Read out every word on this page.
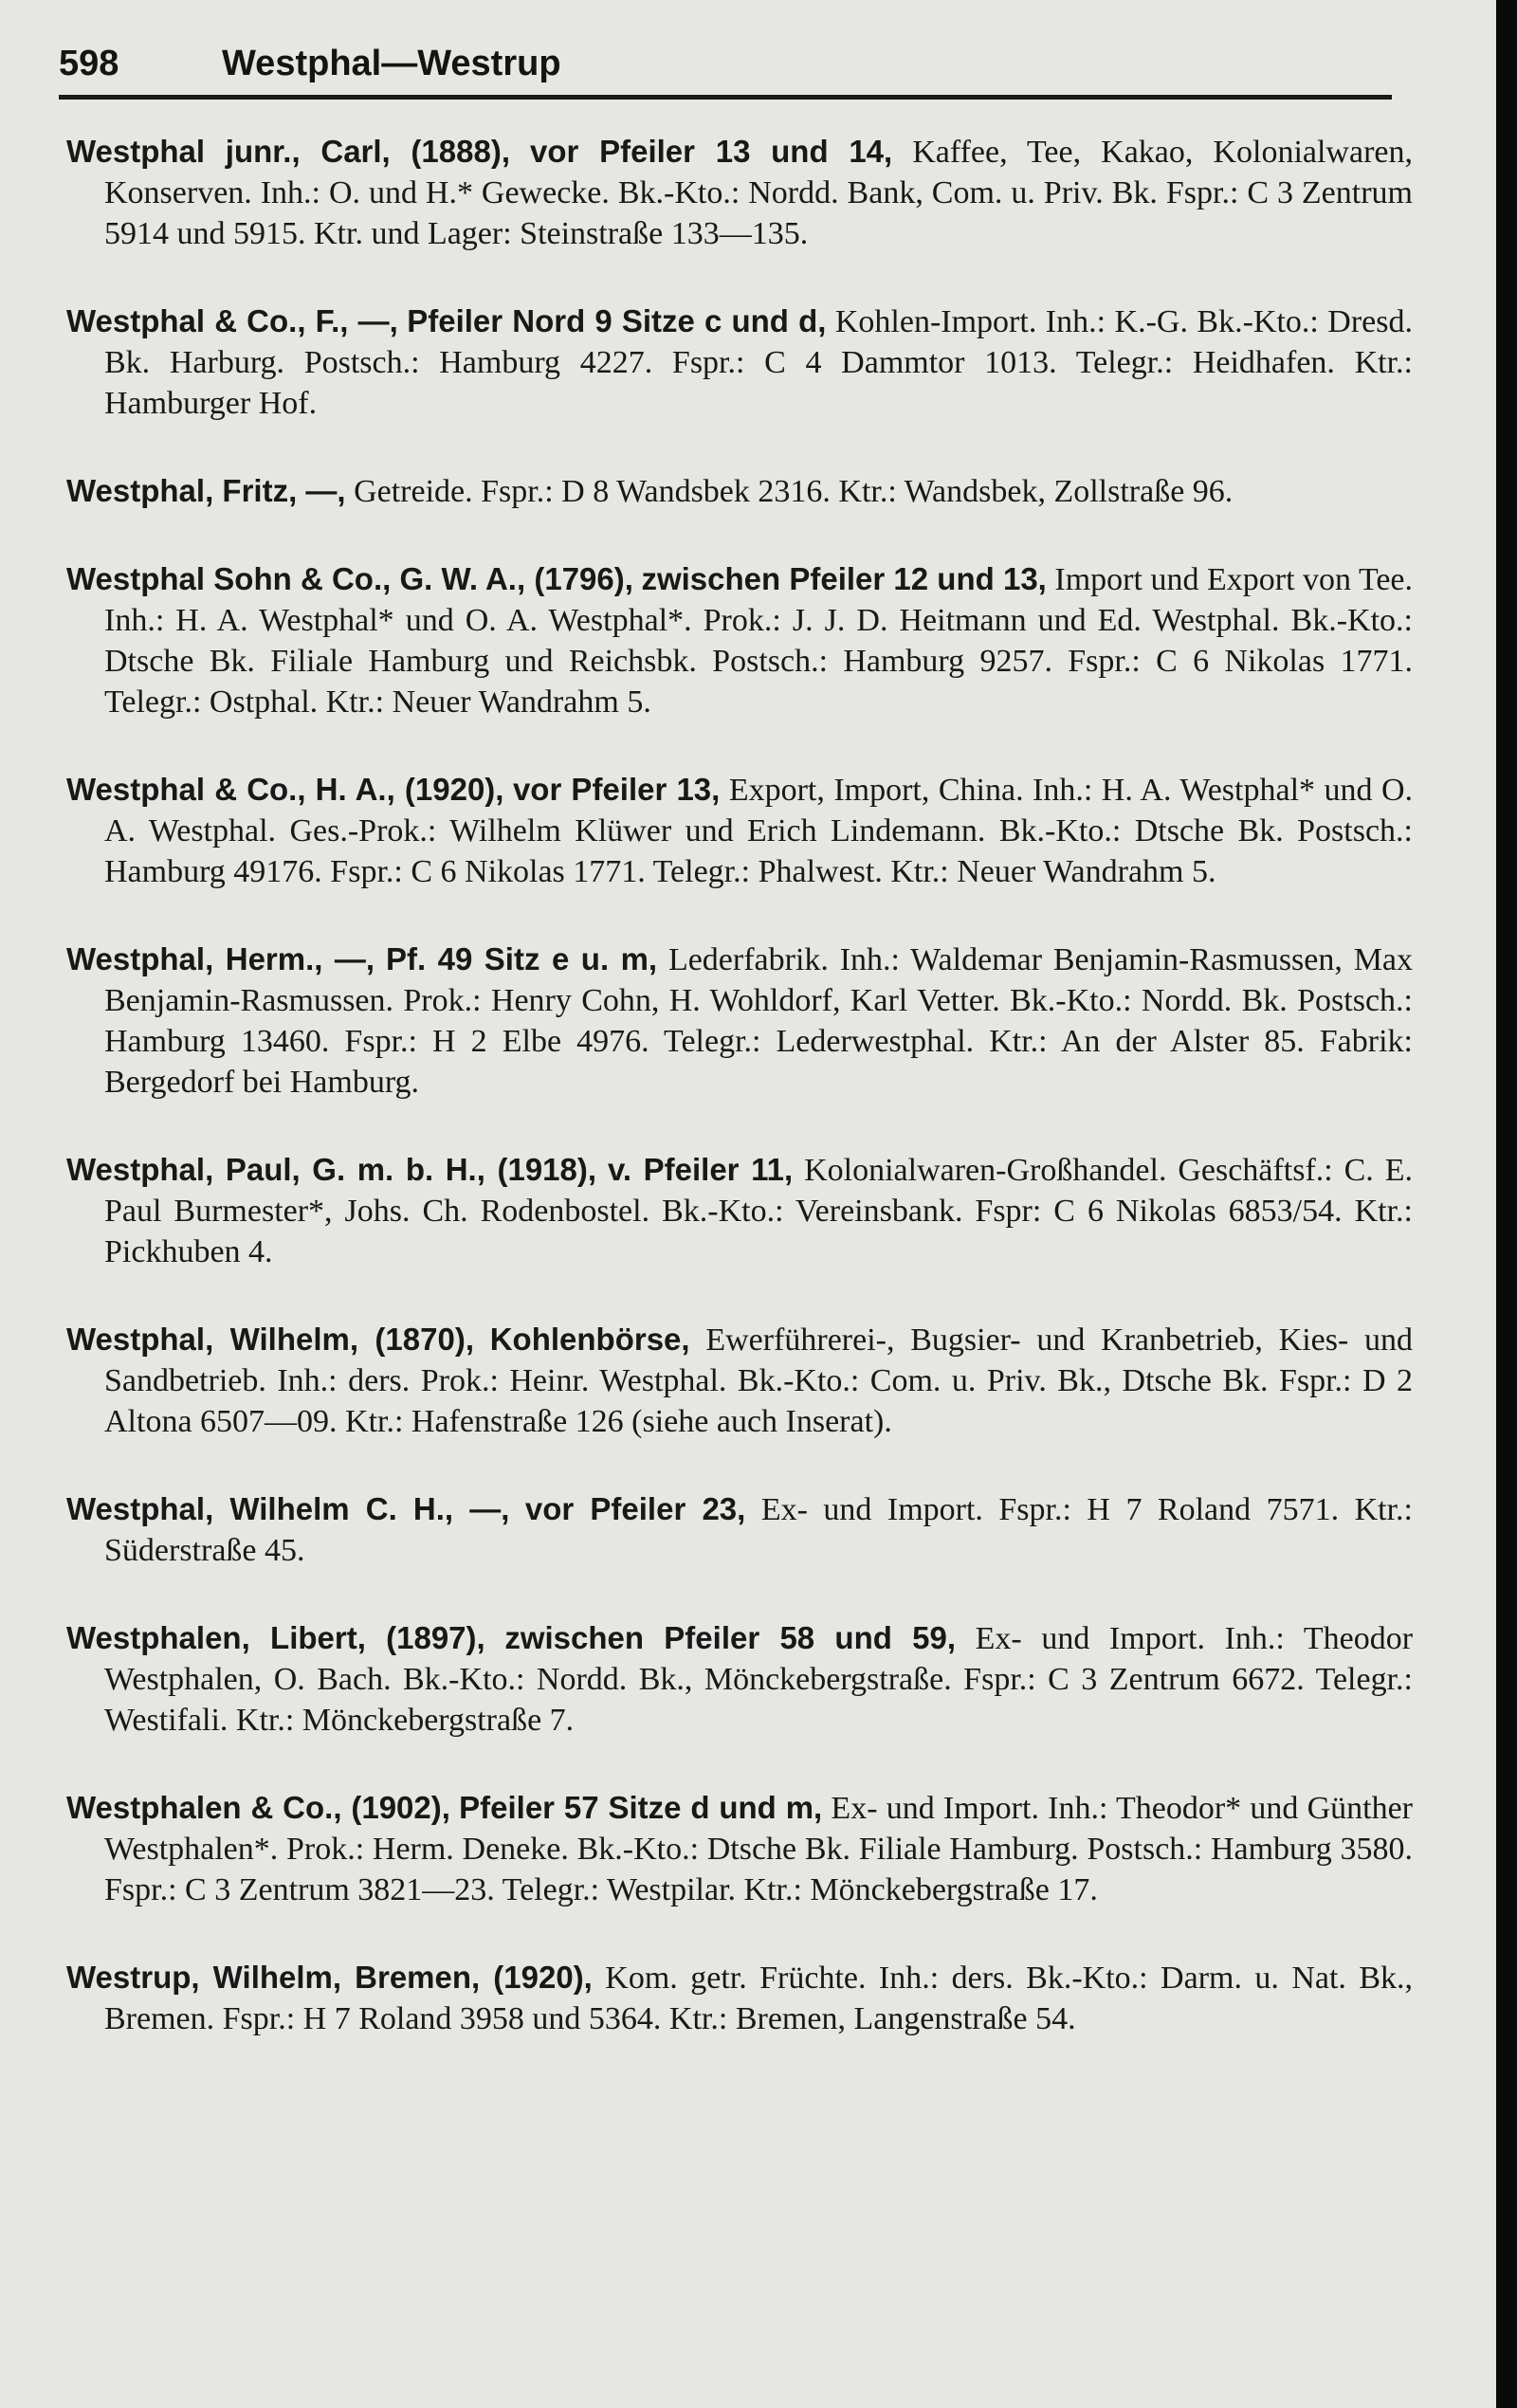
598	Westphal—Westrup

Westphal junr., Carl, (1888), vor Pfeiler 13 und 14, Kaffee, Tee, Kakao, Kolonialwaren, Konserven. Inh.: O. und H.* Gewecke. Bk.-Kto.: Nordd. Bank, Com. u. Priv. Bk. Fspr.: C 3 Zentrum 5914 und 5915. Ktr. und Lager: Steinstraße 133—135.

Westphal & Co., F., —, Pfeiler Nord 9 Sitze c und d, Kohlen-Import. Inh.: K.-G. Bk.-Kto.: Dresd. Bk. Harburg. Postsch.: Hamburg 4227. Fspr.: C 4 Dammtor 1013. Telegr.: Heidhafen. Ktr.: Hamburger Hof.

Westphal, Fritz, —, Getreide. Fspr.: D 8 Wandsbek 2316. Ktr.: Wandsbek, Zollstraße 96.

Westphal Sohn & Co., G. W. A., (1796), zwischen Pfeiler 12 und 13, Import und Export von Tee. Inh.: H. A. Westphal* und O. A. Westphal*. Prok.: J. J. D. Heitmann und Ed. Westphal. Bk.-Kto.: Dtsche Bk. Filiale Hamburg und Reichsbk. Postsch.: Hamburg 9257. Fspr.: C 6 Nikolas 1771. Telegr.: Ostphal. Ktr.: Neuer Wandrahm 5.

Westphal & Co., H. A., (1920), vor Pfeiler 13, Export, Import, China. Inh.: H. A. Westphal* und O. A. Westphal. Ges.-Prok.: Wilhelm Klüwer und Erich Lindemann. Bk.-Kto.: Dtsche Bk. Postsch.: Hamburg 49176. Fspr.: C 6 Nikolas 1771. Telegr.: Phalwest. Ktr.: Neuer Wandrahm 5.

Westphal, Herm., —, Pf. 49 Sitz e u. m, Lederfabrik. Inh.: Waldemar Benjamin-Rasmussen, Max Benjamin-Rasmussen. Prok.: Henry Cohn, H. Wohldorf, Karl Vetter. Bk.-Kto.: Nordd. Bk. Postsch.: Hamburg 13460. Fspr.: H 2 Elbe 4976. Telegr.: Lederwestphal. Ktr.: An der Alster 85. Fabrik: Bergedorf bei Hamburg.

Westphal, Paul, G. m. b. H., (1918), v. Pfeiler 11, Kolonialwaren-Großhandel. Geschäftsf.: C. E. Paul Burmester*, Johs. Ch. Rodenbostel. Bk.-Kto.: Vereinsbank. Fspr: C 6 Nikolas 6853/54. Ktr.: Pickhuben 4.

Westphal, Wilhelm, (1870), Kohlenbörse, Ewerführerei-, Bugsier- und Kranbetrieb, Kies- und Sandbetrieb. Inh.: ders. Prok.: Heinr. Westphal. Bk.-Kto.: Com. u. Priv. Bk., Dtsche Bk. Fspr.: D 2 Altona 6507—09. Ktr.: Hafenstraße 126 (siehe auch Inserat).

Westphal, Wilhelm C. H., —, vor Pfeiler 23, Ex- und Import. Fspr.: H 7 Roland 7571. Ktr.: Süderstraße 45.

Westphalen, Libert, (1897), zwischen Pfeiler 58 und 59, Ex- und Import. Inh.: Theodor Westphalen, O. Bach. Bk.-Kto.: Nordd. Bk., Mönckebergstraße. Fspr.: C 3 Zentrum 6672. Telegr.: Westifali. Ktr.: Mönckebergstraße 7.

Westphalen & Co., (1902), Pfeiler 57 Sitze d und m, Ex- und Import. Inh.: Theodor* und Günther Westphalen*. Prok.: Herm. Deneke. Bk.-Kto.: Dtsche Bk. Filiale Hamburg. Postsch.: Hamburg 3580. Fspr.: C 3 Zentrum 3821—23. Telegr.: Westpilar. Ktr.: Mönckebergstraße 17.

Westrup, Wilhelm, Bremen, (1920), Kom. getr. Früchte. Inh.: ders. Bk.-Kto.: Darm. u. Nat. Bk., Bremen. Fspr.: H 7 Roland 3958 und 5364. Ktr.: Bremen, Langenstraße 54.
